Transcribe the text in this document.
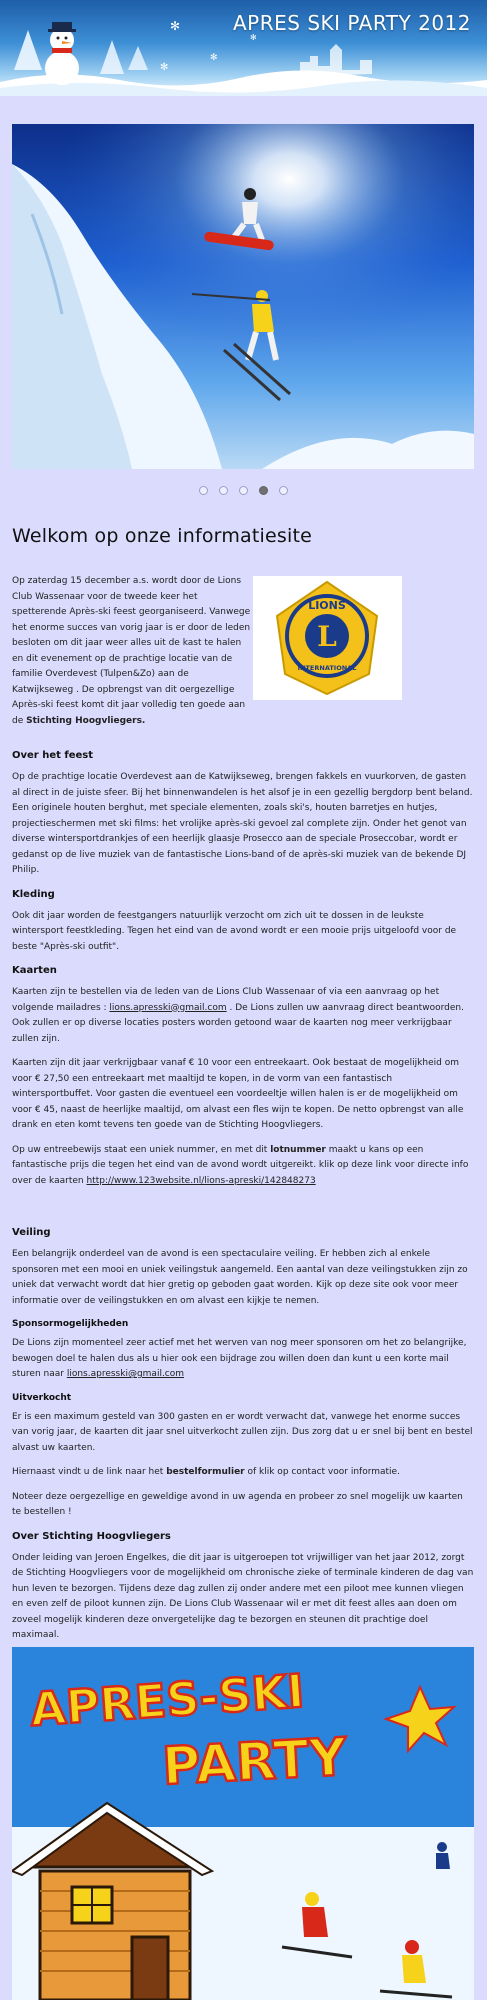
✻
✻
✻
✻
APRES SKI PARTY 2012

Welkom op onze informatiesite
Op zaterdag 15 december a.s. wordt door de Lions Club Wassenaar voor de tweede keer het spetterende Après-ski feest georganiseerd. Vanwege het enorme succes van vorig jaar is er door de leden besloten om dit jaar weer alles uit de kast te halen en dit evenement op de prachtige locatie van de familie Overdevest (Tulpen&Zo) aan de Katwijkseweg . De opbrengst van dit oergezellige Après-ski feest komt dit jaar volledig ten goede aan de Stichting Hoogvliegers.
L
LIONS
INTERNATIONAL
Over het feest

Op de prachtige locatie Overdevest aan de Katwijkseweg, brengen fakkels en vuurkorven, de gasten al direct in de juiste sfeer. Bij het binnenwandelen is het alsof je in een gezellig bergdorp bent beland. Een originele houten berghut, met speciale elementen, zoals ski's, houten barretjes en hutjes, projectieschermen met ski films: het vrolijke après-ski gevoel zal complete zijn. Onder het genot van diverse wintersportdrankjes of een heerlijk glaasje Prosecco aan de speciale Proseccobar, wordt er gedanst op de live muziek van de fantastische Lions-band of de après-ski muziek van de bekende DJ Philip.

Kleding

Ook dit jaar worden de feestgangers natuurlijk verzocht om zich uit te dossen in de leukste wintersport feestkleding. Tegen het eind van de avond wordt er een mooie prijs uitgeloofd voor de beste "Après-ski outfit".

Kaarten

Kaarten zijn te bestellen via de leden van de Lions Club Wassenaar of via een aanvraag op het volgende mailadres : lions.apresski@gmail.com . De Lions zullen uw aanvraag direct beantwoorden. Ook zullen er op diverse locaties posters worden getoond waar de kaarten nog meer verkrijgbaar zullen zijn.

Kaarten zijn dit jaar verkrijgbaar vanaf € 10 voor een entreekaart. Ook bestaat de mogelijkheid om voor € 27,50 een entreekaart met maaltijd te kopen, in de vorm van een fantastisch wintersportbuffet. Voor gasten die eventueel een voordeeltje willen halen is er de mogelijkheid om voor € 45, naast de heerlijke maaltijd, om alvast een fles wijn te kopen. De netto opbrengst van alle drank en eten komt tevens ten goede van de Stichting Hoogvliegers.

Op uw entreebewijs staat een uniek nummer, en met dit lotnummer maakt u kans op een fantastische prijs die tegen het eind van de avond wordt uitgereikt. klik op deze link voor directe info over de kaarten http://www.123website.nl/lions-apreski/142848273

Veiling

Een belangrijk onderdeel van de avond is een spectaculaire veiling. Er hebben zich al enkele sponsoren met een mooi en uniek veilingstuk aangemeld. Een aantal van deze veilingstukken zijn zo uniek dat verwacht wordt dat hier gretig op geboden gaat worden. Kijk op deze site ook voor meer informatie over de veilingstukken en om alvast een kijkje te nemen.

Sponsormogelijkheden

De Lions zijn momenteel zeer actief met het werven van nog meer sponsoren om het zo belangrijke, bewogen doel te halen dus als u hier ook een bijdrage zou willen doen dan kunt u een korte mail sturen naar lions.apresski@gmail.com

Uitverkocht

Er is een maximum gesteld van 300 gasten en er wordt verwacht dat, vanwege het enorme succes van vorig jaar, de kaarten dit jaar snel uitverkocht zullen zijn. Dus zorg dat u er snel bij bent en bestel alvast uw kaarten.

Hiernaast vindt u de link naar het bestelformulier of klik op contact voor informatie.

Noteer deze oergezellige en geweldige avond in uw agenda en probeer zo snel mogelijk uw kaarten te bestellen !

Over Stichting Hoogvliegers

Onder leiding van Jeroen Engelkes, die dit jaar is uitgeroepen tot vrijwilliger van het jaar 2012, zorgt de Stichting Hoogvliegers voor de mogelijkheid om chronische zieke of terminale kinderen de dag van hun leven te bezorgen. Tijdens deze dag zullen zij onder andere met een piloot mee kunnen vliegen en even zelf de piloot kunnen zijn. De Lions Club Wassenaar wil er met dit feest alles aan doen om zoveel mogelijk kinderen deze onvergetelijke dag te bezorgen en steunen dit prachtige doel maximaal.

APRES-SKI
PARTY
